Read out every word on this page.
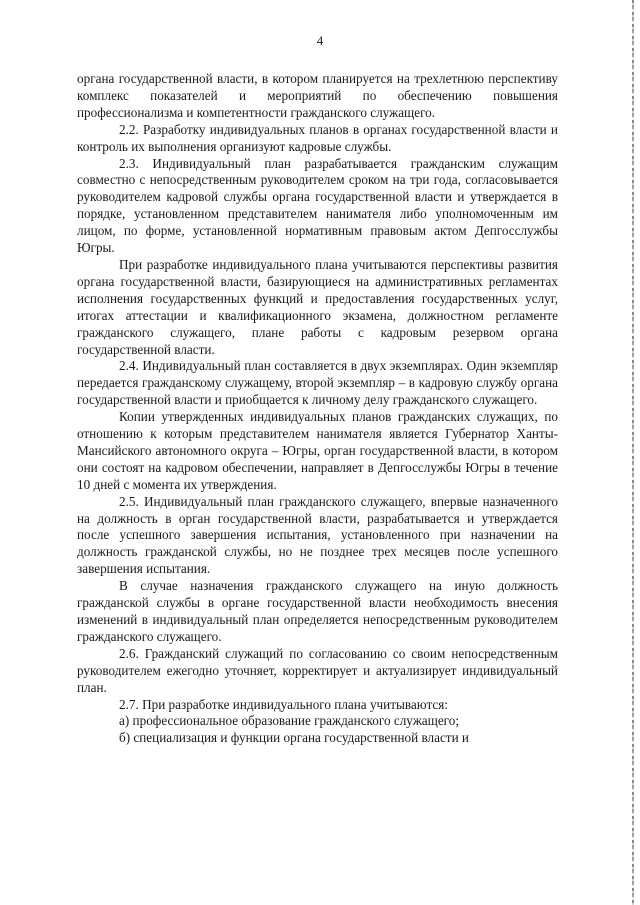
4

органа государственной власти, в котором планируется на трехлетнюю перспективу комплекс показателей и мероприятий по обеспечению повышения профессионализма и компетентности гражданского служащего.

2.2. Разработку индивидуальных планов в органах государственной власти и контроль их выполнения организуют кадровые службы.

2.3. Индивидуальный план разрабатывается гражданским служащим совместно с непосредственным руководителем сроком на три года, согласовывается руководителем кадровой службы органа государственной власти и утверждается в порядке, установленном представителем нанимателя либо уполномоченным им лицом, по форме, установленной нормативным правовым актом Депгосслужбы Югры.

При разработке индивидуального плана учитываются перспективы развития органа государственной власти, базирующиеся на административных регламентах исполнения государственных функций и предоставления государственных услуг, итогах аттестации и квалификационного экзамена, должностном регламенте гражданского служащего, плане работы с кадровым резервом органа государственной власти.

2.4. Индивидуальный план составляется в двух экземплярах. Один экземпляр передается гражданскому служащему, второй экземпляр – в кадровую службу органа государственной власти и приобщается к личному делу гражданского служащего.

Копии утвержденных индивидуальных планов гражданских служащих, по отношению к которым представителем нанимателя является Губернатор Ханты-Мансийского автономного округа – Югры, орган государственной власти, в котором они состоят на кадровом обеспечении, направляет в Депгосслужбы Югры в течение 10 дней с момента их утверждения.

2.5. Индивидуальный план гражданского служащего, впервые назначенного на должность в орган государственной власти, разрабатывается и утверждается после успешного завершения испытания, установленного при назначении на должность гражданской службы, но не позднее трех месяцев после успешного завершения испытания.

В случае назначения гражданского служащего на иную должность гражданской службы в органе государственной власти необходимость внесения изменений в индивидуальный план определяется непосредственным руководителем гражданского служащего.

2.6. Гражданский служащий по согласованию со своим непосредственным руководителем ежегодно уточняет, корректирует и актуализирует индивидуальный план.

2.7. При разработке индивидуального плана учитываются:

а) профессиональное образование гражданского служащего;

б) специализация и функции органа государственной власти и
